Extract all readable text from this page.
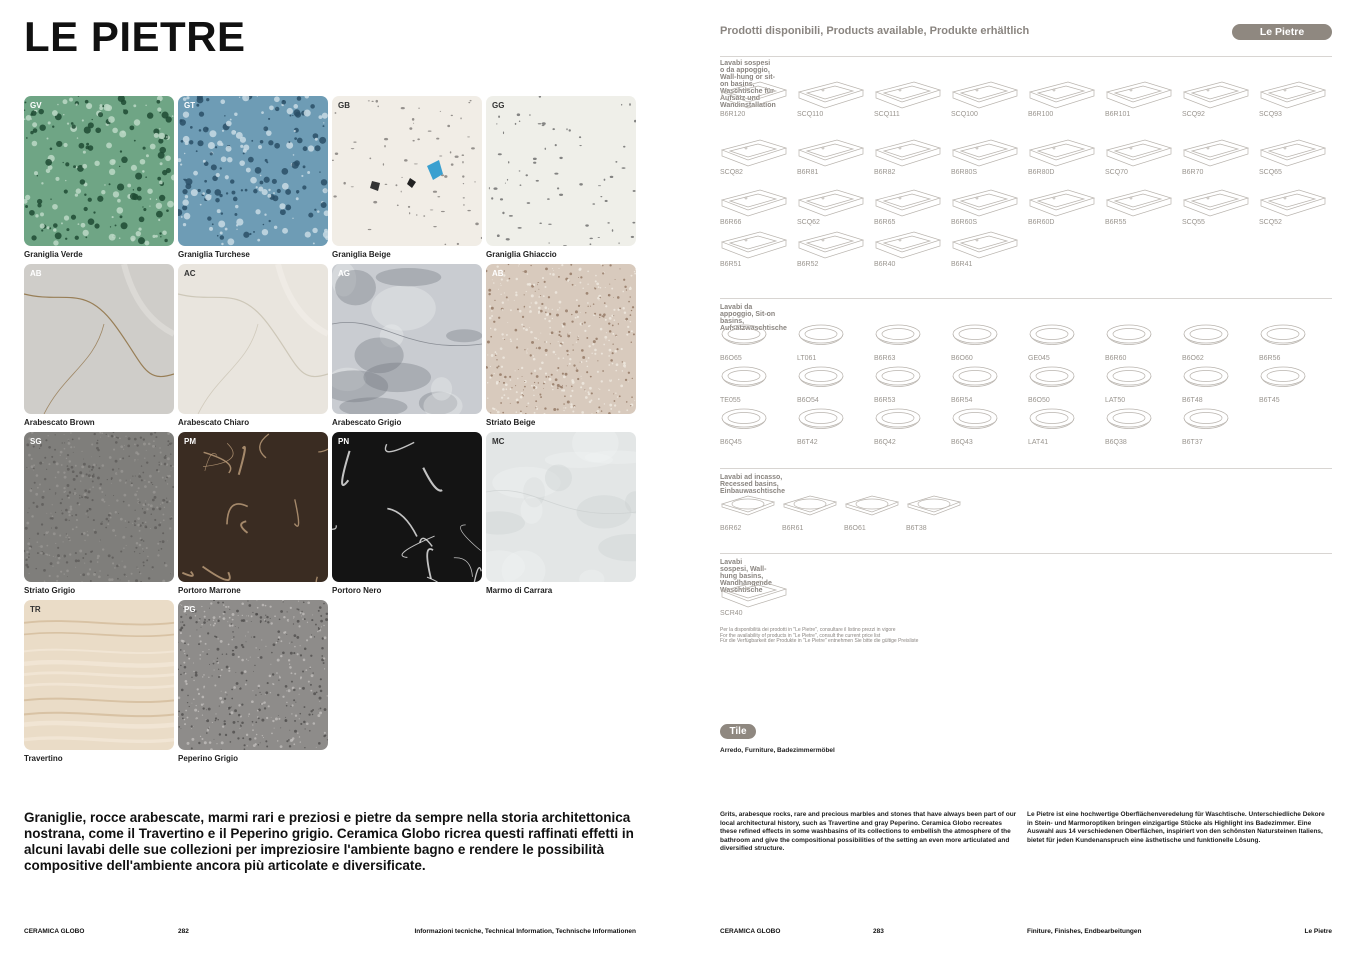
LE PIETRE
GV
Graniglia Verde
GT
Graniglia Turchese
GB
Graniglia Beige
GG
Graniglia Ghiaccio
AB
Arabescato Brown
AC
Arabescato Chiaro
AG
Arabescato Grigio
AB
Striato Beige
SG
Striato Grigio
PM
Portoro Marrone
PN
Portoro Nero
MC
Marmo di Carrara
TR
Travertino
PG
Peperino Grigio

Graniglie, rocce arabescate, marmi rari e preziosi e pietre da sempre nella storia architettonica nostrana, come il Travertino e il Peperino grigio. Ceramica Globo ricrea questi raffinati effetti in alcuni lavabi delle sue collezioni per impreziosire l'ambiente bagno e rendere le possibilità compositive dell'ambiente ancora più articolate e diversificate.

CERAMICA GLOBO	282	Informazioni tecniche, Technical Information, Technische Informationen
Prodotti disponibili, Products available, Produkte erhältlich	Le Pietre
Lavabi sospesi o da appoggio, Wall-hung or sit-on basins, Waschtische für Aufsatz und Wandinstallation
B6R120	SCQ110	SCQ111	SCQ100	B6R100	B6R101	SCQ92	SCQ93
SCQ82	B6R81	B6R82	B6R80S	B6R80D	SCQ70	B6R70	SCQ65
B6R66	SCQ62	B6R65	B6R60S	B6R60D	B6R55	SCQ55	SCQ52
B6R51	B6R52	B6R40	B6R41
Lavabi da appoggio, Sit-on basins, Aufsatzwaschtische
B6O65	LT061	B6R63	B6O60	GE045	B6R60	B6O62	B6R56
TE055	B6O54	B6R53	B6R54	B6O50	LAT50	B6T48	B6T45
B6Q45	B6T42	B6Q42	B6Q43	LAT41	B6Q38	B6T37
Lavabi ad incasso, Recessed basins, Einbauwaschtische
B6R62	B6R61	B6O61	B6T38
Lavabi sospesi, Wall-hung basins, Wandhängende Waschtische
SCR40
Per la disponibilità dei prodotti in "Le Pietre", consultare il listino prezzi in vigore
For the availability of products in "Le Pietre", consult the current price list
Für die Verfügbarkeit der Produkte in "Le Pietre" entnehmen Sie bitte die gültige Preisliste
Tile
Arredo, Furniture, Badezimmermöbel
Grits, arabesque rocks, rare and precious marbles and stones that have always been part of our local architectural history, such as Travertine and gray Peperino. Ceramica Globo recreates these refined effects in some washbasins of its collections to embellish the atmosphere of the bathroom and give the compositional possibilities of the setting an even more articulated and diversified structure.
Le Pietre ist eine hochwertige Oberflächenveredelung für Waschtische. Unterschiedliche Dekore in Stein- und Marmoroptiken bringen einzigartige Stücke als Highlight ins Badezimmer. Eine Auswahl aus 14 verschiedenen Oberflächen, inspiriert von den schönsten Natursteinen Italiens, bietet für jeden Kundenanspruch eine ästhetische und funktionelle Lösung.
CERAMICA GLOBO	283	Finiture, Finishes, Endbearbeitungen	Le Pietre
